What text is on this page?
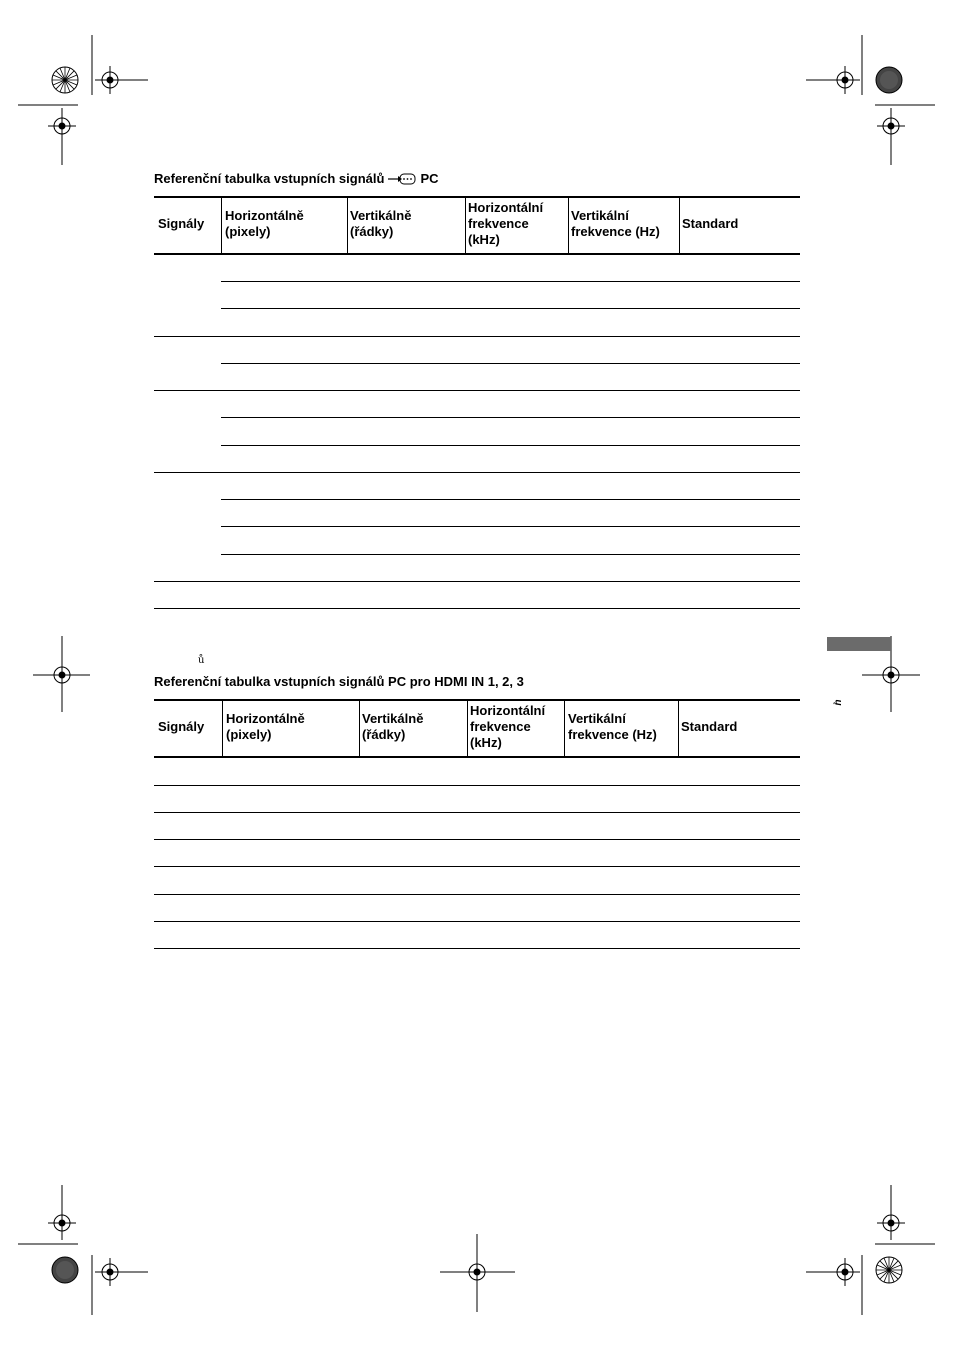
Referenční tabulka vstupních signálů	PC
Signály
Horizontálně
(pixely)
Vertikálně
(řádky)
Horizontální
frekvence
(kHz)
Vertikální
frekvence (Hz)
Standard
ů
ų
Referenční tabulka vstupních signálů PC pro HDMI IN 1, 2, 3
Signály
Horizontálně
(pixely)
Vertikálně
(řádky)
Horizontální
frekvence
(kHz)
Vertikální
frekvence (Hz)
Standard
